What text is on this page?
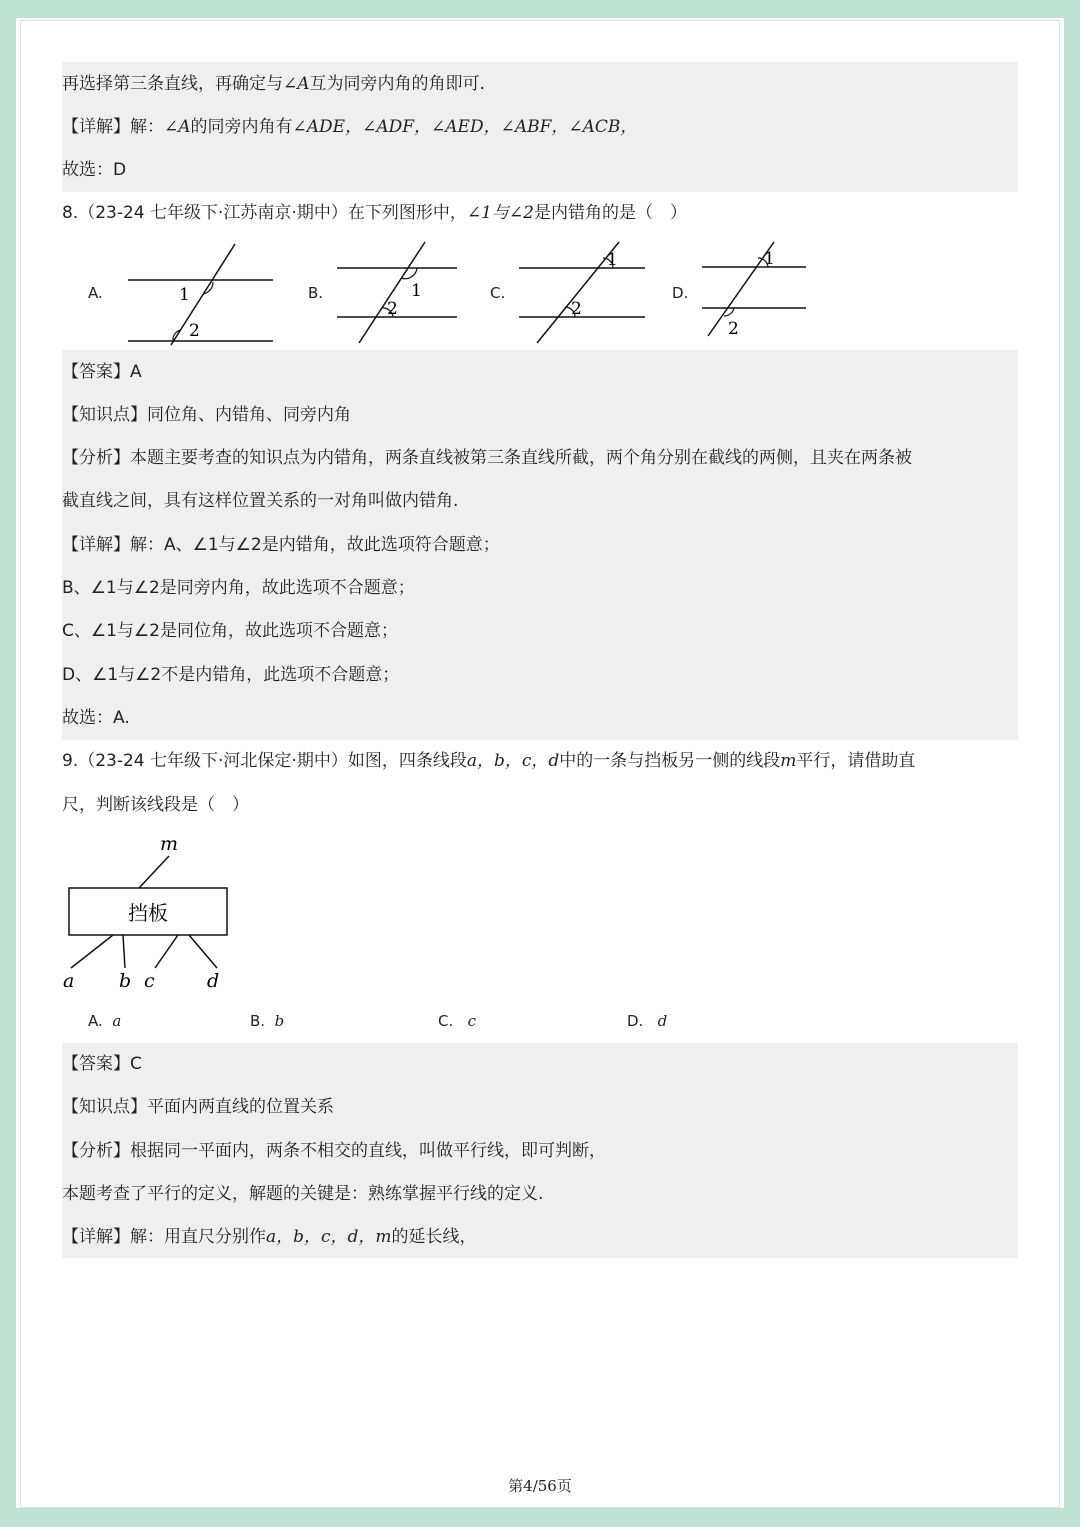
再选择第三条直线，再确定与∠A互为同旁内角的角即可.
【详解】解：∠A的同旁内角有∠ADE，∠ADF，∠AED，∠ABF，∠ACB，
故选：D
8.（23-24 七年级下·江苏南京·期中）在下列图形中，∠1与∠2是内错角的是（　）
A.	1
2
B.	1
2
C.
1
2
D.
1
2
【答案】A
【知识点】同位角、内错角、同旁内角
【分析】本题主要考查的知识点为内错角，两条直线被第三条直线所截，两个角分别在截线的两侧，且夹在两条被
截直线之间，具有这样位置关系的一对角叫做内错角.
【详解】解：A、∠1与∠2是内错角，故此选项符合题意；
B、∠1与∠2是同旁内角，故此选项不合题意；
C、∠1与∠2是同位角，故此选项不合题意；
D、∠1与∠2不是内错角，此选项不合题意；
故选：A.
9.（23-24 七年级下·河北保定·期中）如图，四条线段a，b，c，d中的一条与挡板另一侧的线段m平行，请借助直
尺，判断该线段是（　）
m
挡板
a b c	d
A. a	B. b	C. c	D. d
【答案】C
【知识点】平面内两直线的位置关系
【分析】根据同一平面内，两条不相交的直线，叫做平行线，即可判断，
本题考查了平行的定义，解题的关键是：熟练掌握平行线的定义.
【详解】解：用直尺分别作a，b，c，d，m的延长线，
第4/56页
